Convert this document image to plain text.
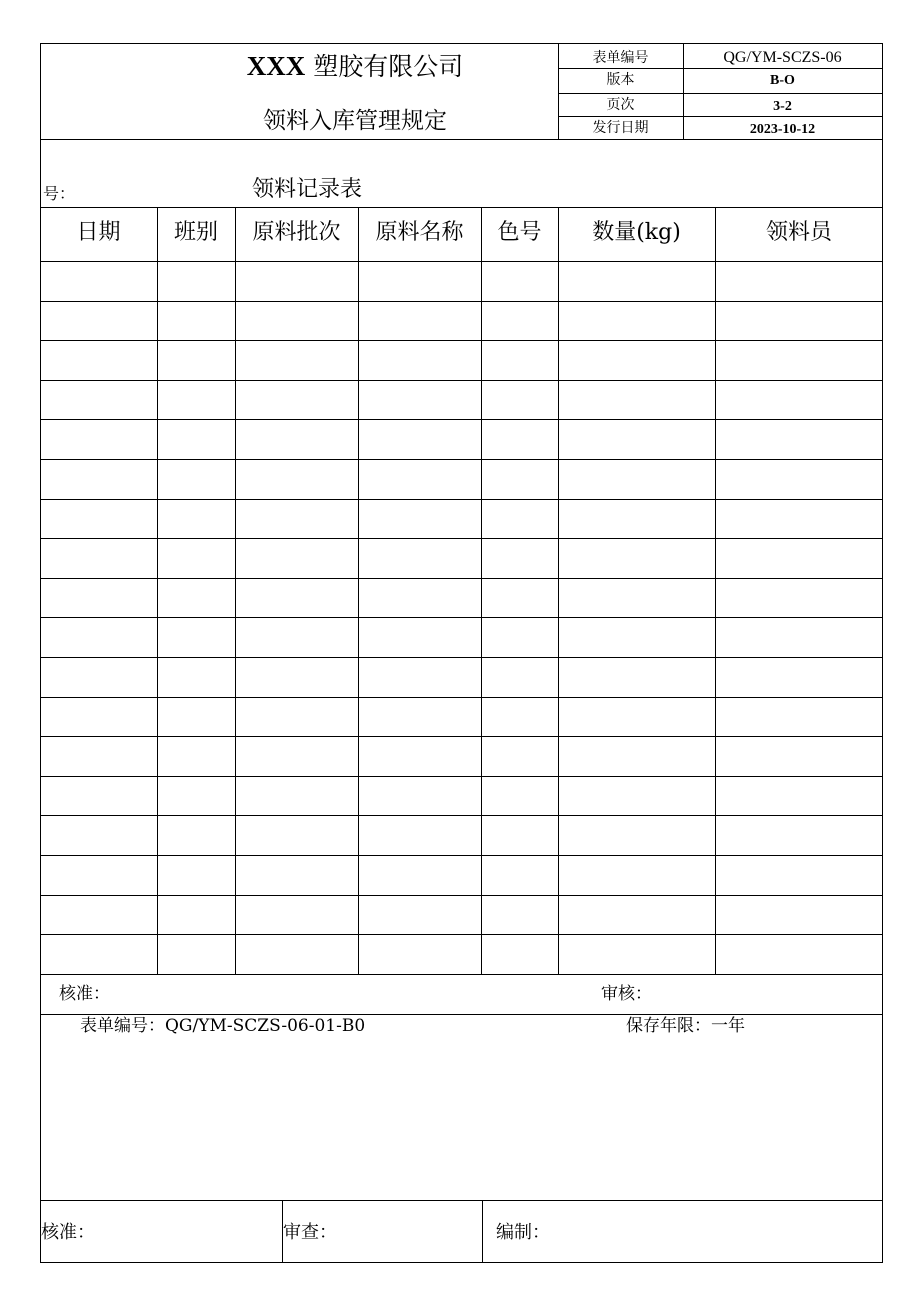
XXX 塑胶有限公司
领料入库管理规定
表单编号	QG/YM-SCZS-06
版本	B-O
页次	3-2
发行日期	2023-10-12
号：	领料记录表
日期	班别	原料批次	原料名称	色号	数量(kg)	领料员
核准：	审核：
表单编号：QG/YM-SCZS-06-01-B0	保存年限：一年
核准：	审查：	编制：
